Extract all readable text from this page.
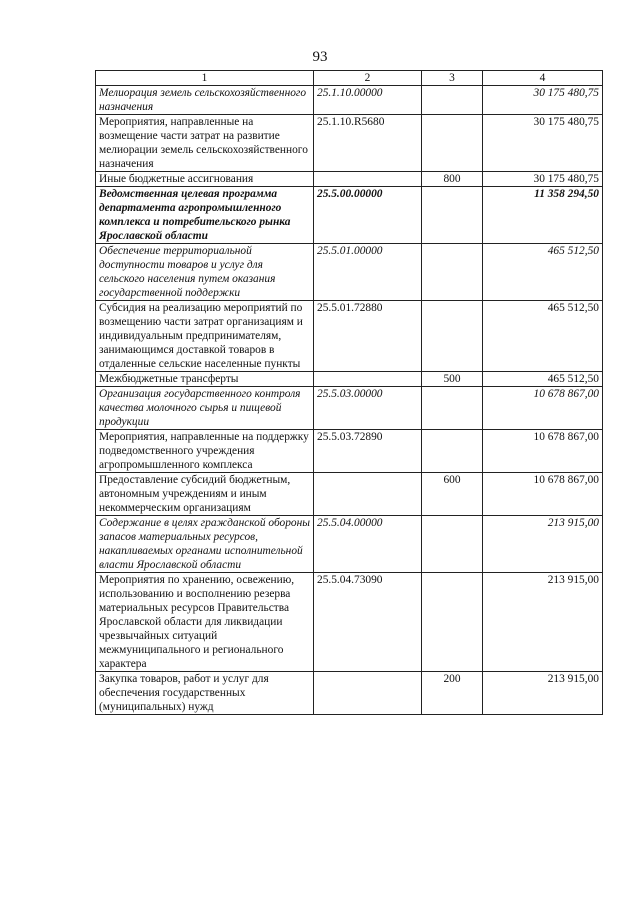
93
1	2	3	4
Мелиорация земель сельскохозяйственного назначения	25.1.10.00000		30 175 480,75
Мероприятия, направленные на возмещение части затрат на развитие мелиорации земель сельскохозяйственного назначения	25.1.10.R5680		30 175 480,75
Иные бюджетные ассигнования		800	30 175 480,75
Ведомственная целевая программа департамента агропромышленного комплекса и потребительского рынка Ярославской области	25.5.00.00000		11 358 294,50
Обеспечение территориальной доступности товаров и услуг для сельского населения путем оказания государственной поддержки	25.5.01.00000		465 512,50
Субсидия на реализацию мероприятий по возмещению части затрат организациям и индивидуальным предпринимателям, занимающимся доставкой товаров в отдаленные сельские населенные пункты	25.5.01.72880		465 512,50
Межбюджетные трансферты		500	465 512,50
Организация государственного контроля качества молочного сырья и пищевой продукции	25.5.03.00000		10 678 867,00
Мероприятия, направленные на поддержку подведомственного учреждения агропромышленного комплекса	25.5.03.72890		10 678 867,00
Предоставление субсидий бюджетным, автономным учреждениям и иным некоммерческим организациям		600	10 678 867,00
Содержание в целях гражданской обороны запасов материальных ресурсов, накапливаемых органами исполнительной власти Ярославской области	25.5.04.00000		213 915,00
Мероприятия по хранению, освежению, использованию и восполнению резерва материальных ресурсов Правительства Ярославской области для ликвидации чрезвычайных ситуаций межмуниципального и регионального характера	25.5.04.73090		213 915,00
Закупка товаров, работ и услуг для обеспечения государственных (муниципальных) нужд		200	213 915,00
